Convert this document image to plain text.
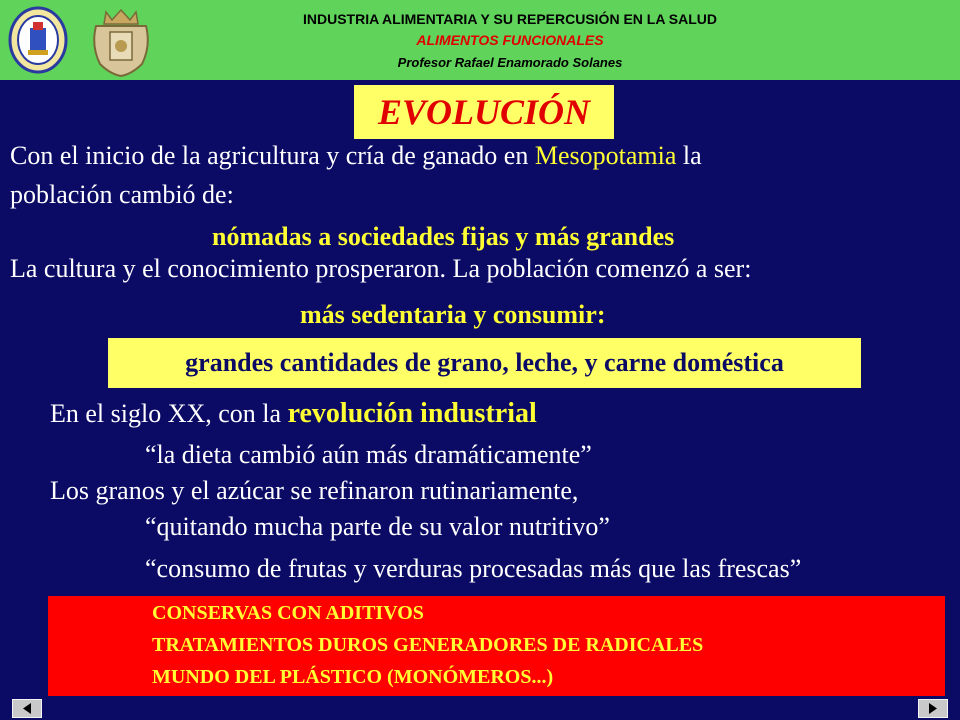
INDUSTRIA ALIMENTARIA Y SU REPERCUSIÓN EN LA SALUD
ALIMENTOS FUNCIONALES
Profesor Rafael Enamorado Solanes
EVOLUCIÓN
Con el inicio de la agricultura y cría de ganado en Mesopotamia la
población cambió de:
nómadas a sociedades fijas y más grandes
La cultura y el conocimiento prosperaron. La población comenzó a ser:
más sedentaria y consumir:
grandes cantidades de grano, leche, y carne doméstica
En el siglo XX, con la revolución industrial
“la dieta cambió aún más dramáticamente”
Los granos y el azúcar se refinaron rutinariamente,
“quitando mucha parte de su valor nutritivo”
“consumo de frutas y verduras procesadas más que las frescas”
CONSERVAS CON ADITIVOS
TRATAMIENTOS DUROS GENERADORES DE RADICALES
MUNDO DEL PLÁSTICO (MONÓMEROS...)
